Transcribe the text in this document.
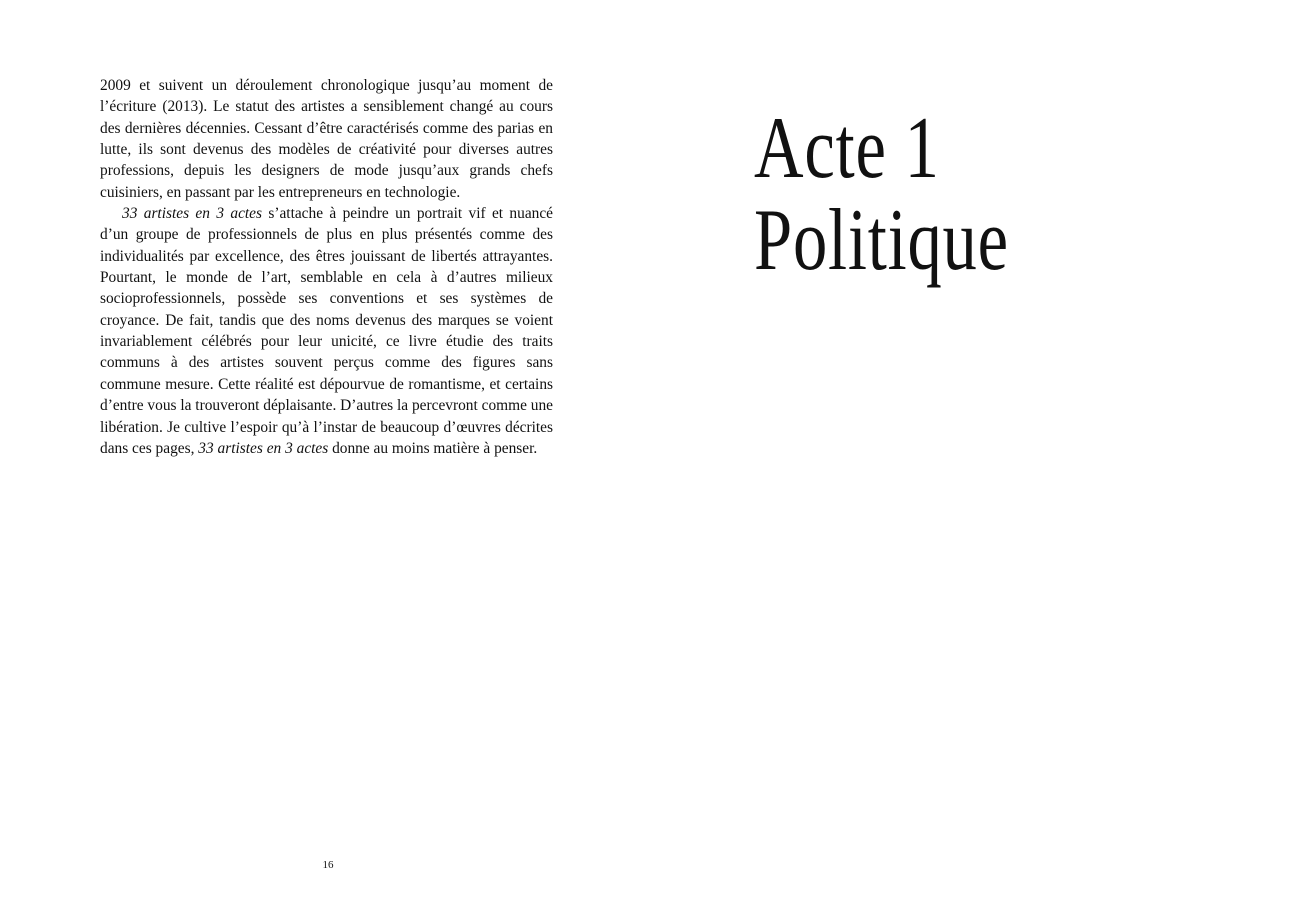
2009 et suivent un déroulement chronologique jusqu’au moment de l’écriture (2013). Le statut des artistes a sensiblement changé au cours des dernières décennies. Cessant d’être caractérisés comme des parias en lutte, ils sont devenus des modèles de créativité pour diverses autres professions, depuis les designers de mode jusqu’aux grands chefs cuisiniers, en passant par les entrepreneurs en technologie.

33 artistes en 3 actes s’attache à peindre un portrait vif et nuancé d’un groupe de professionnels de plus en plus présentés comme des individualités par excellence, des êtres jouissant de libertés attrayantes. Pourtant, le monde de l’art, semblable en cela à d’autres milieux socioprofessionnels, possède ses conventions et ses systèmes de croyance. De fait, tandis que des noms devenus des marques se voient invariablement célébrés pour leur unicité, ce livre étudie des traits communs à des artistes souvent perçus comme des figures sans commune mesure. Cette réalité est dépourvue de romantisme, et certains d’entre vous la trouveront déplaisante. D’autres la percevront comme une libération. Je cultive l’espoir qu’à l’instar de beaucoup d’œuvres décrites dans ces pages, 33 artistes en 3 actes donne au moins matière à penser.

16
Acte 1
Politique
